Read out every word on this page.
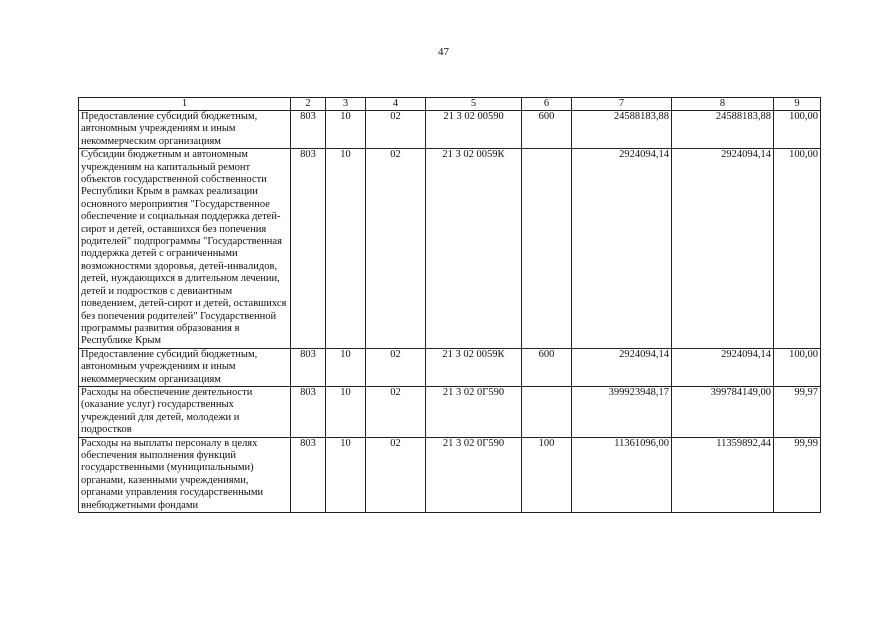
47
1	2	3	4	5	6	7	8	9
Предоставление субсидий бюджетным, автономным учреждениям и иным некоммерческим организациям	803	10	02	21 3 02 00590	600	24588183,88	24588183,88	100,00
Субсидии бюджетным и автономным учреждениям на капитальный ремонт объектов государственной собственности Республики Крым в рамках реализации основного мероприятия "Государственное обеспечение и социальная поддержка детей-сирот и детей, оставшихся без попечения родителей" подпрограммы "Государственная поддержка детей с ограниченными возможностями здоровья, детей-инвалидов, детей, нуждающихся в длительном лечении, детей и подростков с девиантным поведением, детей-сирот и детей, оставшихся без попечения родителей" Государственной программы развития образования в Республике Крым	803	10	02	21 3 02 0059К		2924094,14	2924094,14	100,00
Предоставление субсидий бюджетным, автономным учреждениям и иным некоммерческим организациям	803	10	02	21 3 02 0059К	600	2924094,14	2924094,14	100,00
Расходы на обеспечение деятельности (оказание услуг) государственных учреждений для детей, молодежи и подростков	803	10	02	21 3 02 0Г590		399923948,17	399784149,00	99,97
Расходы на выплаты персоналу в целях обеспечения выполнения функций государственными (муниципальными) органами, казенными учреждениями, органами управления государственными внебюджетными фондами	803	10	02	21 3 02 0Г590	100	11361096,00	11359892,44	99,99
